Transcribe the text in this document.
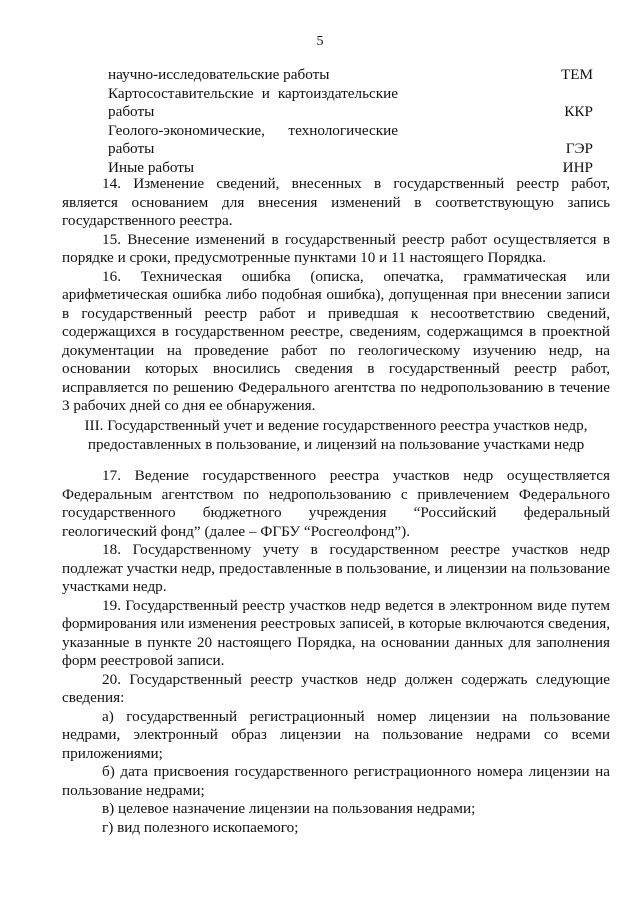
5
научно-исследовательские работы	ТЕМ
Картосоставительские и картоиздательские работы	ККР
Геолого-экономические, технологические работы	ГЭР
Иные работы	ИНР

14. Изменение сведений, внесенных в государственный реестр работ, является основанием для внесения изменений в соответствующую запись государственного реестра.

15. Внесение изменений в государственный реестр работ осуществляется в порядке и сроки, предусмотренные пунктами 10 и 11 настоящего Порядка.

16. Техническая ошибка (описка, опечатка, грамматическая или арифметическая ошибка либо подобная ошибка), допущенная при внесении записи в государственный реестр работ и приведшая к несоответствию сведений, содержащихся в государственном реестре, сведениям, содержащимся в проектной документации на проведение работ по геологическому изучению недр, на основании которых вносились сведения в государственный реестр работ, исправляется по решению Федерального агентства по недропользованию в течение 3 рабочих дней со дня ее обнаружения.

III. Государственный учет и ведение государственного реестра участков недр,
предоставленных в пользование, и лицензий на пользование участками недр

17. Ведение государственного реестра участков недр осуществляется Федеральным агентством по недропользованию с привлечением Федерального государственного бюджетного учреждения “Российский федеральный геологический фонд” (далее – ФГБУ “Росгеолфонд”).

18. Государственному учету в государственном реестре участков недр подлежат участки недр, предоставленные в пользование, и лицензии на пользование участками недр.

19. Государственный реестр участков недр ведется в электронном виде путем формирования или изменения реестровых записей, в которые включаются сведения, указанные в пункте 20 настоящего Порядка, на основании данных для заполнения форм реестровой записи.

20. Государственный реестр участков недр должен содержать следующие сведения:

а) государственный регистрационный номер лицензии на пользование недрами, электронный образ лицензии на пользование недрами со всеми приложениями;

б) дата присвоения государственного регистрационного номера лицензии на пользование недрами;

в) целевое назначение лицензии на пользования недрами;

г) вид полезного ископаемого;
